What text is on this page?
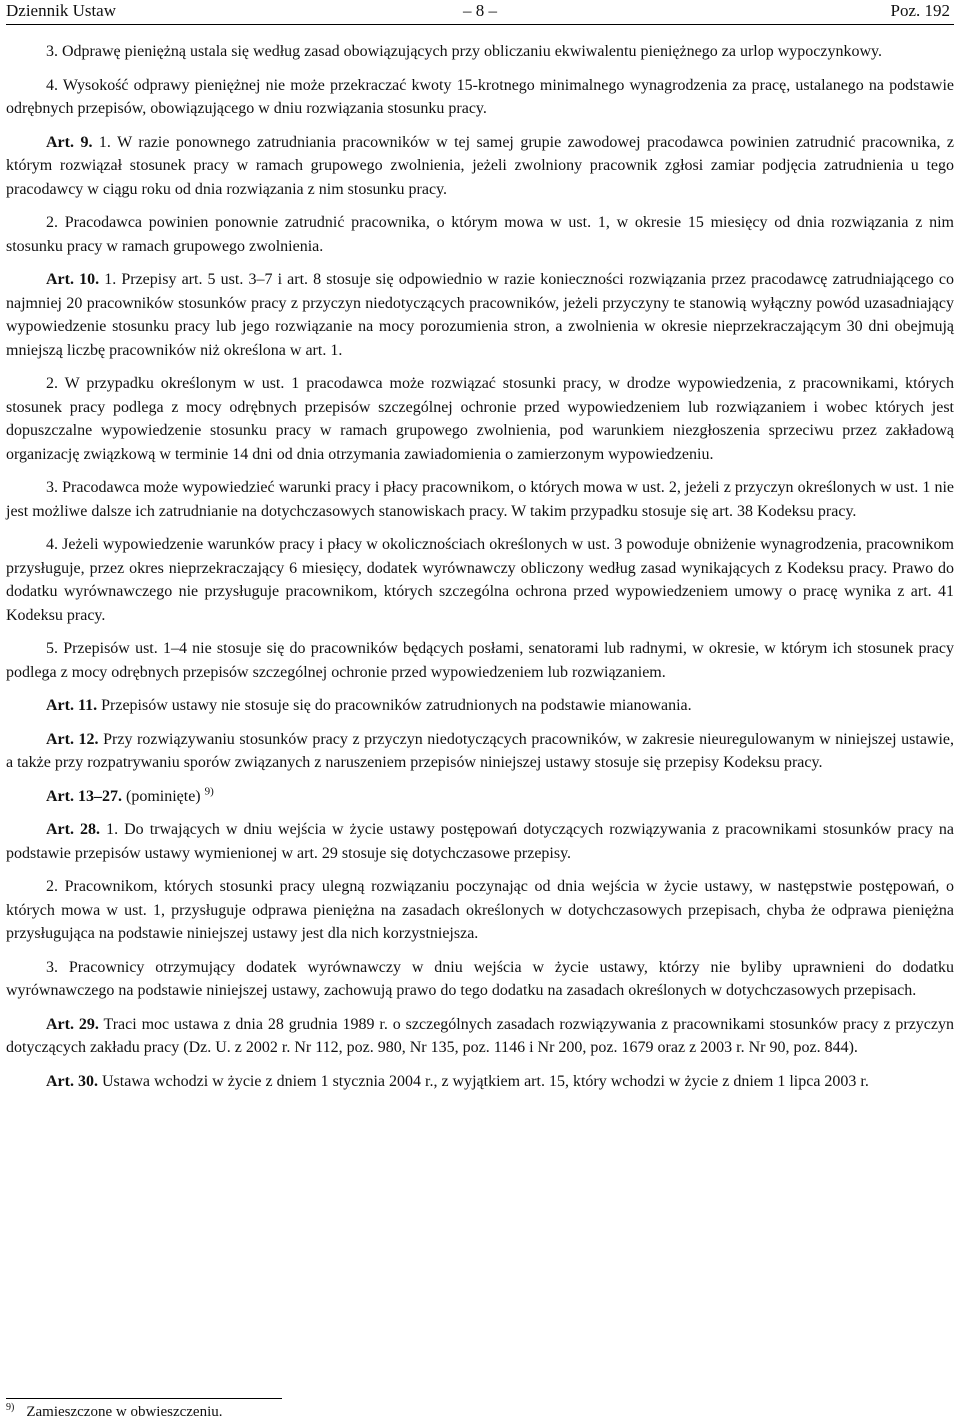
Dziennik Ustaw	– 8 –	Poz. 192

3. Odprawę pieniężną ustala się według zasad obowiązujących przy obliczaniu ekwiwalentu pieniężnego za urlop wypoczynkowy.

4. Wysokość odprawy pieniężnej nie może przekraczać kwoty 15-krotnego minimalnego wynagrodzenia za pracę, ustalanego na podstawie odrębnych przepisów, obowiązującego w dniu rozwiązania stosunku pracy.

Art. 9. 1. W razie ponownego zatrudniania pracowników w tej samej grupie zawodowej pracodawca powinien zatrudnić pracownika, z którym rozwiązał stosunek pracy w ramach grupowego zwolnienia, jeżeli zwolniony pracownik zgłosi zamiar podjęcia zatrudnienia u tego pracodawcy w ciągu roku od dnia rozwiązania z nim stosunku pracy.

2. Pracodawca powinien ponownie zatrudnić pracownika, o którym mowa w ust. 1, w okresie 15 miesięcy od dnia rozwiązania z nim stosunku pracy w ramach grupowego zwolnienia.

Art. 10. 1. Przepisy art. 5 ust. 3–7 i art. 8 stosuje się odpowiednio w razie konieczności rozwiązania przez pracodawcę zatrudniającego co najmniej 20 pracowników stosunków pracy z przyczyn niedotyczących pracowników, jeżeli przyczyny te stanowią wyłączny powód uzasadniający wypowiedzenie stosunku pracy lub jego rozwiązanie na mocy porozumienia stron, a zwolnienia w okresie nieprzekraczającym 30 dni obejmują mniejszą liczbę pracowników niż określona w art. 1.

2. W przypadku określonym w ust. 1 pracodawca może rozwiązać stosunki pracy, w drodze wypowiedzenia, z pracownikami, których stosunek pracy podlega z mocy odrębnych przepisów szczególnej ochronie przed wypowiedzeniem lub rozwiązaniem i wobec których jest dopuszczalne wypowiedzenie stosunku pracy w ramach grupowego zwolnienia, pod warunkiem niezgłoszenia sprzeciwu przez zakładową organizację związkową w terminie 14 dni od dnia otrzymania zawiadomienia o zamierzonym wypowiedzeniu.

3. Pracodawca może wypowiedzieć warunki pracy i płacy pracownikom, o których mowa w ust. 2, jeżeli z przyczyn określonych w ust. 1 nie jest możliwe dalsze ich zatrudnianie na dotychczasowych stanowiskach pracy. W takim przypadku stosuje się art. 38 Kodeksu pracy.

4. Jeżeli wypowiedzenie warunków pracy i płacy w okolicznościach określonych w ust. 3 powoduje obniżenie wynagrodzenia, pracownikom przysługuje, przez okres nieprzekraczający 6 miesięcy, dodatek wyrównawczy obliczony według zasad wynikających z Kodeksu pracy. Prawo do dodatku wyrównawczego nie przysługuje pracownikom, których szczególna ochrona przed wypowiedzeniem umowy o pracę wynika z art. 41 Kodeksu pracy.

5. Przepisów ust. 1–4 nie stosuje się do pracowników będących posłami, senatorami lub radnymi, w okresie, w którym ich stosunek pracy podlega z mocy odrębnych przepisów szczególnej ochronie przed wypowiedzeniem lub rozwiązaniem.

Art. 11. Przepisów ustawy nie stosuje się do pracowników zatrudnionych na podstawie mianowania.

Art. 12. Przy rozwiązywaniu stosunków pracy z przyczyn niedotyczących pracowników, w zakresie nieuregulowanym w niniejszej ustawie, a także przy rozpatrywaniu sporów związanych z naruszeniem przepisów niniejszej ustawy stosuje się przepisy Kodeksu pracy.

Art. 13–27. (pominięte) $^{9)}$

Art. 28. 1. Do trwających w dniu wejścia w życie ustawy postępowań dotyczących rozwiązywania z pracownikami stosunków pracy na podstawie przepisów ustawy wymienionej w art. 29 stosuje się dotychczasowe przepisy.

2. Pracownikom, których stosunki pracy ulegną rozwiązaniu poczynając od dnia wejścia w życie ustawy, w następstwie postępowań, o których mowa w ust. 1, przysługuje odprawa pieniężna na zasadach określonych w dotychczasowych przepisach, chyba że odprawa pieniężna przysługująca na podstawie niniejszej ustawy jest dla nich korzystniejsza.

3. Pracownicy otrzymujący dodatek wyrównawczy w dniu wejścia w życie ustawy, którzy nie byliby uprawnieni do dodatku wyrównawczego na podstawie niniejszej ustawy, zachowują prawo do tego dodatku na zasadach określonych w dotychczasowych przepisach.

Art. 29. Traci moc ustawa z dnia 28 grudnia 1989 r. o szczególnych zasadach rozwiązywania z pracownikami stosunków pracy z przyczyn dotyczących zakładu pracy (Dz. U. z 2002 r. Nr 112, poz. 980, Nr 135, poz. 1146 i Nr 200, poz. 1679 oraz z 2003 r. Nr 90, poz. 844).

Art. 30. Ustawa wchodzi w życie z dniem 1 stycznia 2004 r., z wyjątkiem art. 15, który wchodzi w życie z dniem 1 lipca 2003 r.

$^{9)}$ Zamieszczone w obwieszczeniu.
